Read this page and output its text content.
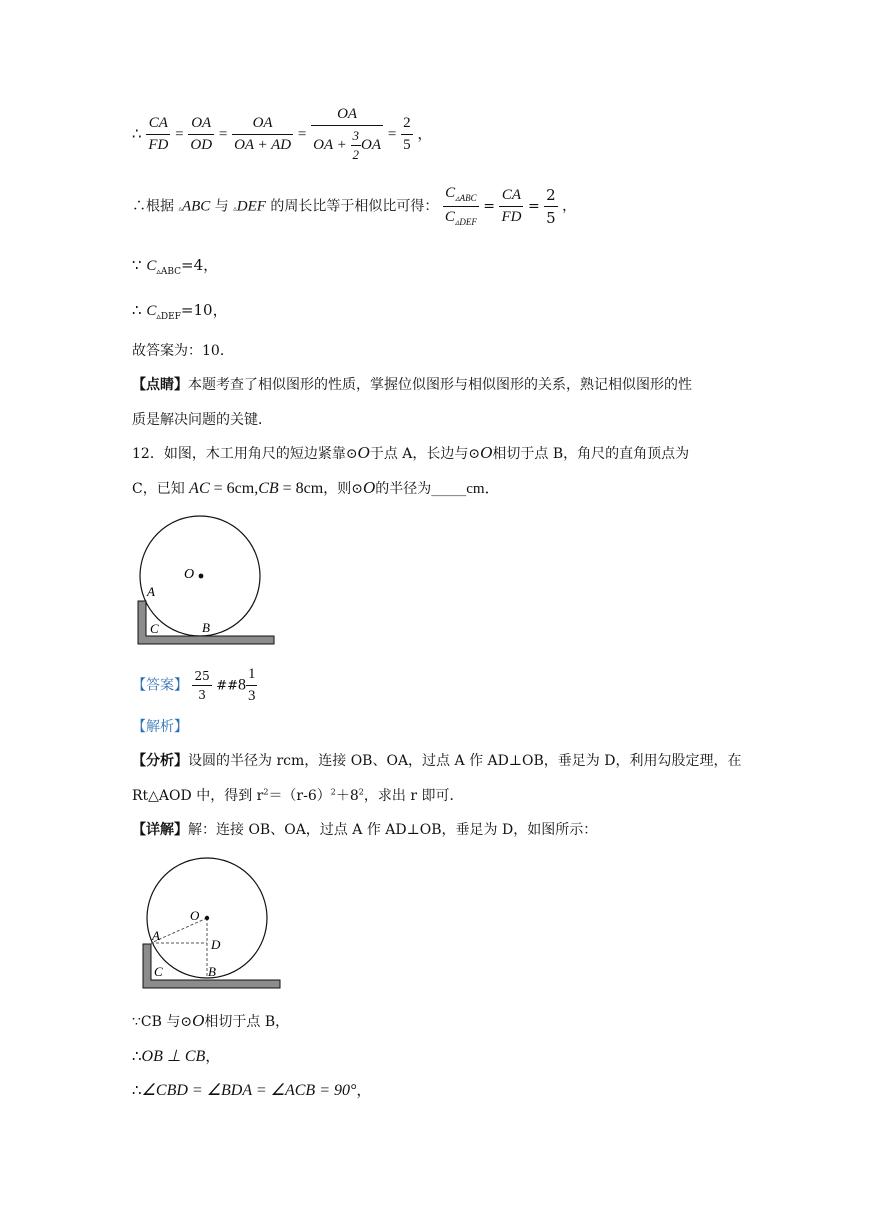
∴ $\frac{CA}{FD} = \frac{OA}{OD} = \frac{OA}{OA + AD} = \frac{OA}{OA + \frac{3}{2} OA} = \frac{2}{5}$ ，
∴根据 ▵ABC 与 ▵DEF 的周长比等于相似比可得： $\frac{C_{▵ABC}}{C_{▵DEF}} = \frac{CA}{FD} = \frac{2}{5}$ ，
∵ $C_{▵ABC}=4$，
∴ $C_{▵DEF}=10$，
故答案为：10．
【点睛】本题考查了相似图形的性质，掌握位似图形与相似图形的关系，熟记相似图形的性
质是解决问题的关键．
12．如图，木工用角尺的短边紧靠⊙O于点 A，长边与⊙O相切于点 B，角尺的直角顶点为
C，已知 AC = 6cm,CB = 8cm，则⊙O的半径为_____cm．
O
A
C	B
【答案】 $\frac{25}{3}$ ##8 $\frac{1}{3}$
【解析】
【分析】设圆的半径为 rcm，连接 OB、OA，过点 A 作 AD⊥OB，垂足为 D，利用勾股定理，在
Rt△AOD 中，得到 $r^2=(r-6)^2+8^2$，求出 r 即可．
【详解】解：连接 OB、OA，过点 A 作 AD⊥OB，垂足为 D，如图所示：
O
A
D
C	B
∵CB 与⊙O相切于点 B，
∴OB ⊥ CB，
∴∠CBD = ∠BDA = ∠ACB = 90°，
